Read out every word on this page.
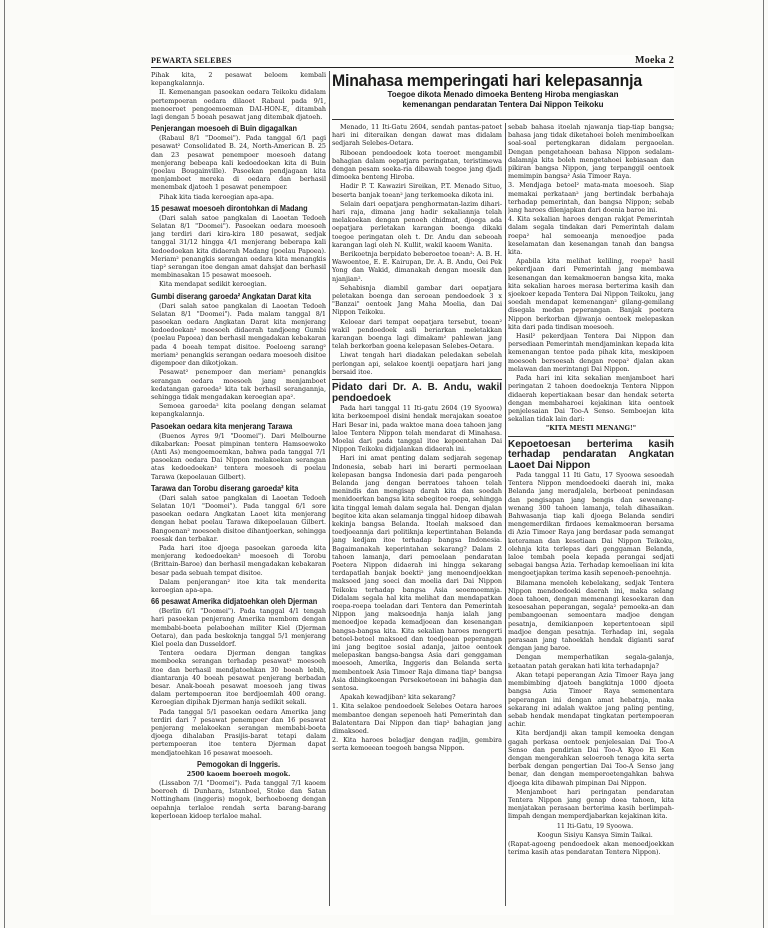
PEWARTA SELEBES	Moeka 2

Pihak kita, 2 pesawat beloem kembali kepangkalannja.

II. Kemenangan pasoekan oedara Teikoku didalam pertempoeran oedara dilaoet Rabaul pada 9/1, menoeroet pengoemoeman DAI-HON-E, ditambah lagi dengan 5 boeah pesawat jang ditembak djatoeh.

Penjerangan moesoeh di Buin digagalkan

(Rabaul 8/1 "Doomei"). Pada tanggal 6/1 pagi pesawat² Consolidated B. 24, North-American B. 25 dan 23 pesawat penempoer moesoeh datang menjerang bebeapa kali kedoedoekan kita di Buin (poelau Bougainville). Pasoekan pendjagaan kita menjamboet mereka di oedara dan berhasil menembak djatoeh 1 pesawat penempoer.

Pihak kita tiada keroegian apa-apa.

15 pesawat moesoeh dirontohkan di Madang

(Dari salah satoe pangkalan di Laoetan Tedoeh Selatan 8/1 "Doomei"). Pasoekan oedara moesoeh jang terdiri dari kira-kira 180 pesawat, sedjak tanggal 31/12 hingga 4/1 menjerang beberapa kali kedoedoekan kita didaerah Madang (poelau Papoea). Meriam² penangkis serangan oedara kita menangkis tiap² serangan itoe dengan amat dahsjat dan berhasil membinasakan 15 pesawat moesoeh.

Kita mendapat sedikit keroegian.

Gumbi diserang garoeda² Angkatan Darat kita

(Dari salah satoe pangkalan di Laoetan Tedoeh Selatan 8/1 "Doomei"). Pada malam tanggal 8/1 pasoekan oedara Angkatan Darat kita menjerang kedoedoekan² moesoeh didaerah tandjoeng Gumbi (poelau Papoea) dan berhasil mengadakan kebakaran pada 4 boeah tempat disitoe. Poeloeng sarang² meriam² penangkis serangan oedara moesoeh disitoe digempoer dan dikotjokan.

Pesawat² penempoer dan meriam² penangkis serangan oedara moesoeh jang menjamboet kedatangan garoeda² kita tak berhasil serangannja, sehingga tidak mengadakan keroegian apa².

Semoea garoeda² kita poelang dengan selamat kepangkalannja.

Pasoekan oedara kita menjerang Tarawa

(Buenos Ayres 9/1 "Doomei"). Dari Melbourne dikabarkan: Poesat pimpinan tentera Hamsoewoko (Anti As) mengoemoemkan, bahwa pada tanggal 7/1 pasoekan oedara Dai Nippon melakoekan serangan atas kedoedoekan² tentera moesoeh di poelau Tarawa (kepoelauan Gilbert).

Tarawa dan Torobu diserang garoeda² kita

(Dari salah satoe pangkalan di Laoetan Tedoeh Selatan 10/1 "Doomei"). Pada tanggal 6/1 sore pasoekan oedara Angkatan Laoet kita menjerang dengan hebat poelau Tarawa dikepoelauan Gilbert. Bangoenan² moesoeh disitoe dihantjoerkan, sehingga roesak dan terbakar.

Pada hari itoe djoega pasoekan garoeda kita menjerang kedoedoekan² moesoeh di Torobu (Brittain-Baroe) dan berhasil mengadakan kebakaran besar pada sebuah tempat disitoe.

Dalam penjerangan² itoe kita tak menderita keroegian apa-apa.

66 pesawat Amerika didjatoehkan oleh Djerman

(Berlin 6/1 "Doomei"). Pada tanggal 4/1 tengah hari pasoekan penjerang Amerika membom dengan membabi-boeta pelaboehan militer Kiel (Djerman Oetara), dan pada beskoknja tanggal 5/1 menjerang Kiel poela dan Dusseldorf.

Tentera oedara Djerman dengan tangkas memboeka serangan terhadap pesawat² moesoeh itoe dan berhasil mendjatoehkan 30 boeah lebih, diantaranja 40 boeah pesawat penjerang berbadan besar. Anak-boeah pesawat moesoeh jang tiwas dalam pertempoeran itoe berdjoemlah 400 orang. Keroegian dipihak Djerman hanja sedikit sekali.

Pada tanggal 5/1 pasoekan oedara Amerika jang terdiri dari 7 pesawat penempoer dan 16 pesawat penjerang melakoekan serangan membabi-boeta djoega dihalaban Prasijis-barat tetapi dalam pertempoeran itoe tentera Djerman dapat mendjatoehkan 16 pesawat moesoeh.

Pemogokan di Inggeris.
2500 kaoem boeroeh mogok.

(Lissabon 7/1 "Doomei"). Pada tanggal 7/1 kaoem boeroeh di Dunhara, Istanboel, Stoke dan Satan Nottingham (inggeris) mogok, berhoeboeng dengan oepahnja terlaloe rendah serta barang-barang keperloean kidoep terlaloe mahal.

Minahasa memperingati hari kelepasannja
Toegoe dikota Menado dimoeka Benteng Hiroba mengiaskan
kemenangan pendaratan Tentera Dai Nippon Teikoku

Menado, 11 Iti-Gatu 2604, sendah pantas-patoet hari ini diteraikan dengan dawat mas didalam sedjarah Selebes-Oetara.

Riboean pendoedoek kota toeroet mengambil bahagian dalam oepatjara peringatan, teristimewa dengan pesam soeka-ria dibawah toegoe jang djadi dimoeka benteng Hiroba.

Hadir P. T. Kawaziri Sireikan, P.T. Menado Situo, beserta banjak toean² jang terkemoeka dikota ini.

Selain dari oepatjara penghormatan-lazim dihari-hari raja, dimana jang hadir sekaliannja telah melakoekan dengan penoeh chidmat, djoega ada oepatjara perletakan karangan boenga dikaki toegoe peringatan oleh t. Dr. Andu dan sebeoah karangan lagi oleh N. Kullit, wakil kaoem Wanita.

Berikoetnja berpidato beberoetoe toean²: A. B. H. Wawoentoe, E. E. Kairupan, Dr. A. B. Andu, Oei Pek Yong dan Wakid, dimanakah dengan moesik dan njanjian².

Sehabisnja diambil gambar dari oepatjara peletakan boenga dan seroean pendoedoek 3 x "Banzai" oentoek Jang Maha Moelia, dan Dai Nippon Teikoku.

Keloear dari tempat oepatjara tersebut, toean² wakil pendoedoek asli beriarkan meletakkan karangan boenga lagi dimakam² pahlewan jang telah berkorban goena kelepasan Selebes-Oetara.

Liwat tengah hari diadakan peledakan sebelah perlongan api, selakoe koentji oepatjara hari jang bersaid itoe.

Pidato dari Dr. A. B. Andu, wakil pendoedoek

Pada hari tanggal 11 Iti-gatu 2604 (19 Syoowa) kita berkoempoel disini hendak merajakan soeatoe Hari Besar ini, pada waktoe mana doea tahoen jang laloe Tentera Nippon telah mendarat di Minahasa. Moelai dari pada tanggal itoe kepoentahan Dai Nippon Teikoku didjalankan didaerah ini.

Hari ini amat penting dalam sedjarah segenap Indonesia, sebab hari ini berarti permoelaan kelepasan bangsa Indonesia dari pada pengaroeh Belanda jang dengan berratoes tahoen telah menindis dan mengisap darah kita dan soedah menidoerkan bangsa kita sebegitoe roepa, sehingga kita tinggal lemah dalam segala hal. Dengan djalan begitoe kita akan selamanja tinggal hidoep dibawah kekinja bangsa Belanda. Itoelah maksoed dan toedjoeannja dari politiknja kepertintahan Belanda jang kedjam itoe terhadap bangsa Indonesia. Bagaimanakah keperintahan sekarang? Dalam 2 tahoen lamanja, dari pemoelaan pendaratan Poetera Nippon didaerah ini hingga sekarang terdapatlah banjak boekti² jang menoendjoekkan maksoed jang soeci dan moelia dari Dai Nippon Teikoku terhadap bangsa Asia seoemoemnja. Didalam segala hal kita melihat dan mendapatkan roepa-roepa toeladan dari Tentera dan Pemerintah Nippon jang maksoednja hanja ialah jang menoedjoe kepada kemadjoean dan kesenangan bangsa-bangsa kita. Kita sekalian haroes mengerti betoel-betoel maksoed dan toedjoean peperangan ini jang begitoe sosial adanja, jaitoe oentoek melepaskan bangsa-bangsa Asia dari genggaman moesoeh, Amerika, Inggeris dan Belanda serta membentoek Asia Timoer Raja dimana tiap² bangsa Asia dibingkoengan Persekoetoean ini bahagia dan sentosa.

Apakah kewadjiban² kita sekarang?

1. Kita selakoe pendoedoek Selebes Oetara haroes membantoe dengan sepenoeh hati Pemerintah dan Balatentara Dai Nippon dan tiap² bahagian jang dimaksoed.

2. Kita haroes beladjar dengan radjin, gembira serta kemoeean toegoeh bangsa Nippon.

sebab bahasa itoelah njawanja tiap-tiap bangsa; bahasa jang tidak diketahoei boleh menimboelkan soal-soal pertengkaran didalam pergaoelan. Dengan pengetahoean bahasa Nippon sedalam-dalamnja kita boleh mengetahoei kebiasaan dan pikiran bangsa Nippon, jang terpanggil oentoek memimpin bangsa² Asia Timoer Raya.

3. Mendjaga betoel² mata-mata moesoeh. Siap memakai perkataan² jang bertindak berbahaja terhadap pemerintah, dan bangsa Nippon; sebab jang haroes dilenjapkan dari doenia baroe ini.

4. Kita sekalian haroes dengan rakjat Pemerintah dalam segala tindakan dari Pemerintah dalam roepa² hal semoeanja menoedjoe pada keselamatan dan kesenangan tanah dan bangsa kita.

Apabila kita melihat keliling, roepa² hasil pekerdjaan dari Pemerintah jang membawa kesenangan dan kemakmoeran bangsa kita, maka kita sekalian haroes merasa berterima kasih dan sjoekoer kepada Tentera Dai Nippon Teikoku, jang soedah mendapat kemenangan² gilang-gemilang disegala medan peperangan. Banjak poetera Nippon berkorban djiwanja oentoek melepaskan kita dari pada tindisan moesoeh.

Hasil² pekerdjaan Tentera Dai Nippon dan persediaan Pemerintah mendjaminkan kepada kita kemenangan tentoe pada pihak kita, meskipoen moesoeh bersoesah dengan roepa² djalan akan melawan dan merintangi Dai Nippon.

Pada hari ini kita sekalian menjamboet hari peringatan 2 tahoen doedoeknja Tentera Nippon didaerah kepertiakaan besar dan hendak seterta dengan membaharoei kejakinan kita oentoek penjelesaian Dai Too-A Senso. Semboejan kita sekalian tidak lain dari:

"KITA MESTI MENANG!"
Kepoetoesan berterima kasih terhadap pendaratan Angkatan Laoet Dai Nippon

Pada tanggal 11 Iti Gatu, 17 Syoowa sesoedah Tentera Nippon mendoedoeki daerah ini, maka Belanda jang meradjalela, berbeoat penindasan dan pengisapan jang bengis dan sewenang-wenang 300 tahoen lamanja, telah dihasaikan. Bahwasanja tiap kali djoega Belanda sendiri mengemerdikan firdaoes kemakmoeran bersama di Azia Timoer Raya jang berdasar pada semangat keteraman dan kesetiaan Dai Nippon Teikoku, olehnja kita terlepas dari genggaman Belanda, laloe tembah poela kepada perangai sedjati sebagai bangsa Azia. Terhadap kemoeliaan ini kita mengoetjapkan terima kasih sepenoeh-penoehnja.

Bilamana menoleh kebelakang, sedjak Tentera Nippon mendoedoeki daerah ini, maka selang doea tahoen, dengan memenangi kesoekaran dan kesoesahan peperangan, segala² pemoeka-an dan pembangoenan semoentara madjoe dengan pesatnja, demikianpoen kepertentoean sipil madjoe dengan pesatnja. Terhadap ini, segala perasaan jang tahoeklah hendak digianti saraf dengan jang baroe.

Dengan memperhatikan segala-galanja, ketaatan patah gerakan hati kita terhadapnja?

Akan tetapi peperangan Azia Timoer Raya jang membimbing djatoeh bangkitnja 1000 djoeta bangsa Azia Timoer Raya semenentara peperangan ini dengan amat hebatnja, maka sekarang ini adalah waktoe jang paling penting, sebab hendak mendapat tingkatan pertempoeran achir.

Kita berdjandji akan tampil kemoeka dengan gagah perkasa oentoek penjelesaian Dai Too-A Senso dan pendirian Dai Too-A Kyoo Ei Ken dengan mengerahkan seloeroeh tenaga kita serta berbak dengan pengertian Dai Too-A Senso jang benar, dan dengan memperoetengahkan bahwa djoega kita dibawah pimpinan Dai Nippon.

Menjamboet hari peringatan pendaratan Tentera Nippon jang genap doea tahoen, kita menjatakan perasaan berterima kasih berlimpah-limpah dengan memperdjabarkan kejakinan kita.

11 Iti-Gatu, 19 Syoowa.

Koogun Sisiyu Kansya Simin Taikai.

(Rapat-agoeng pendoedoek akan menoedjoekkan terima kasih atas pendaratan Tentera Nippon).
